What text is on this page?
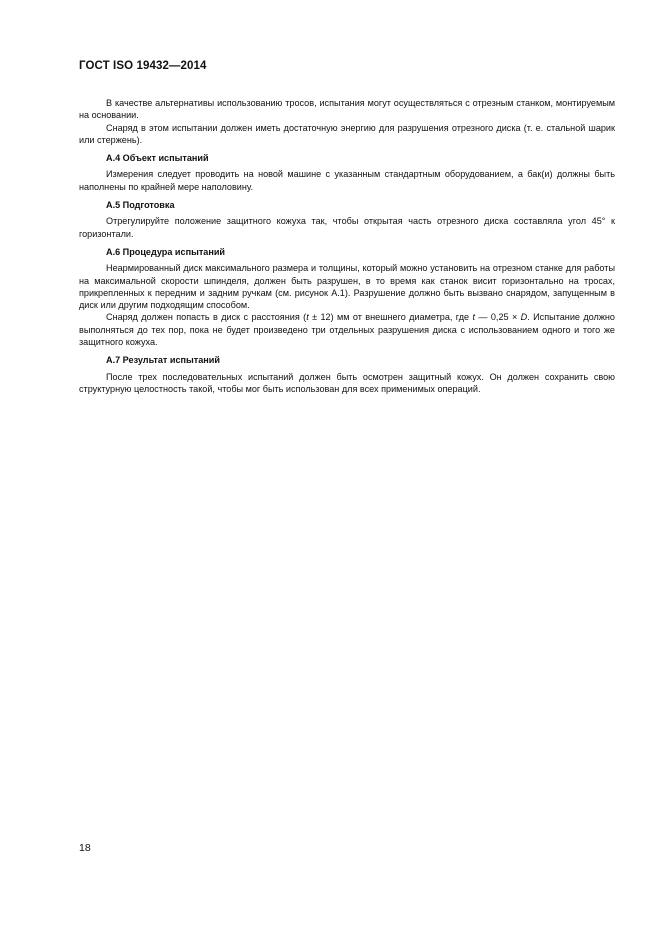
ГОСТ ISO 19432—2014

В качестве альтернативы использованию тросов, испытания могут осуществляться с отрезным станком, монтируемым на основании.

Снаряд в этом испытании должен иметь достаточную энергию для разрушения отрезного диска (т. е. стальной шарик или стержень).

А.4 Объект испытаний

Измерения следует проводить на новой машине с указанным стандартным оборудованием, а бак(и) должны быть наполнены по крайней мере наполовину.

А.5 Подготовка

Отрегулируйте положение защитного кожуха так, чтобы открытая часть отрезного диска составляла угол 45° к горизонтали.

А.6 Процедура испытаний

Неармированный диск максимального размера и толщины, который можно установить на отрезном станке для работы на максимальной скорости шпинделя, должен быть разрушен, в то время как станок висит горизонтально на тросах, прикрепленных к передним и задним ручкам (см. рисунок А.1). Разрушение должно быть вызвано снарядом, запущенным в диск или другим подходящим способом.

Снаряд должен попасть в диск с расстояния (t ± 12) мм от внешнего диаметра, где t — 0,25 × D. Испытание должно выполняться до тех пор, пока не будет произведено три отдельных разрушения диска с использованием одного и того же защитного кожуха.

А.7 Результат испытаний

После трех последовательных испытаний должен быть осмотрен защитный кожух. Он должен сохранить свою структурную целостность такой, чтобы мог быть использован для всех применимых операций.

18
